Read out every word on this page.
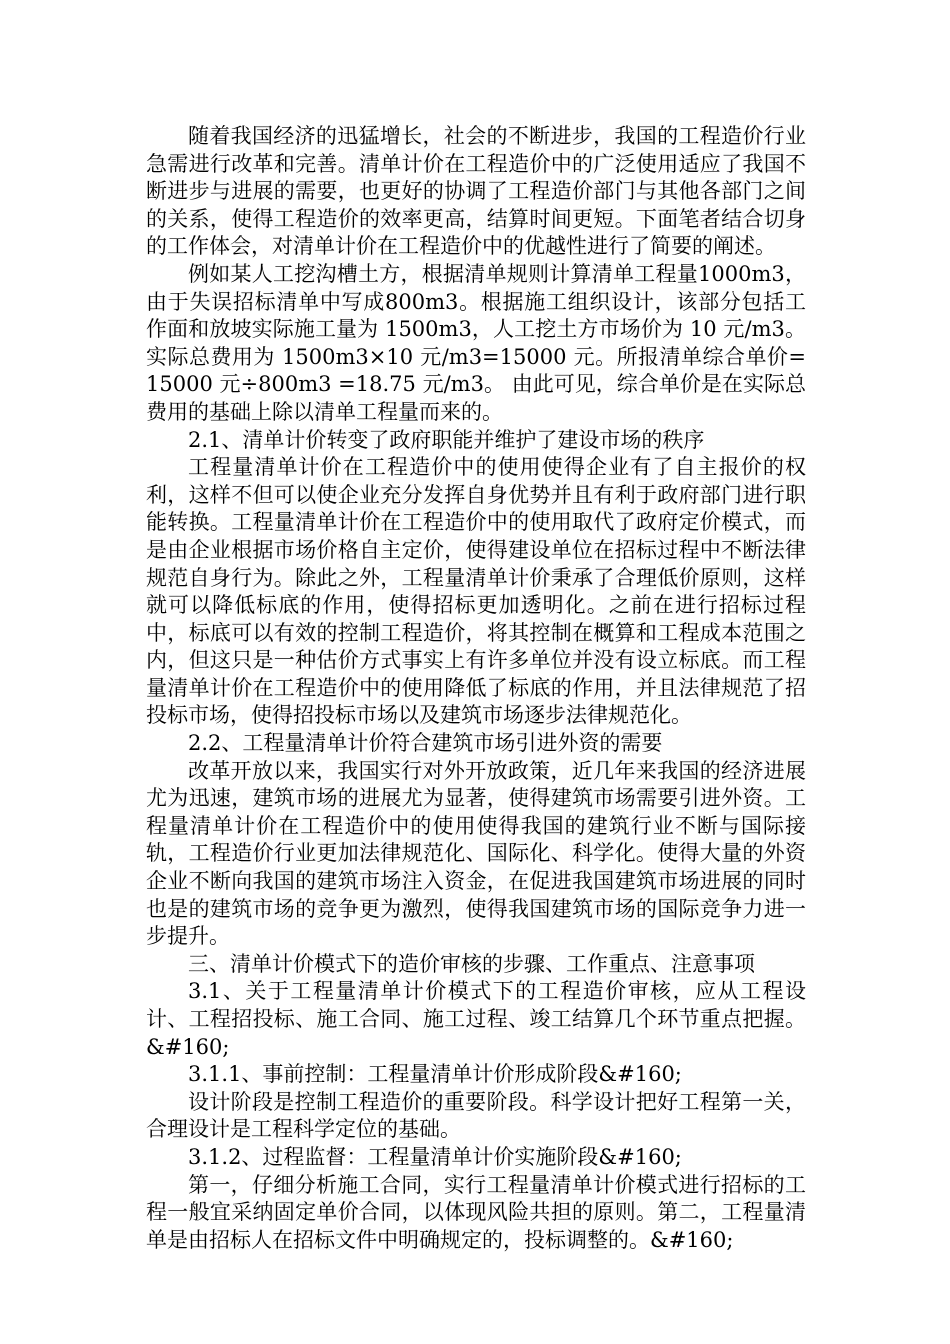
随着我国经济的迅猛增长，社会的不断进步，我国的工程造价行业急需进行改革和完善。清单计价在工程造价中的广泛使用适应了我国不断进步与进展的需要，也更好的协调了工程造价部门与其他各部门之间的关系，使得工程造价的效率更高，结算时间更短。下面笔者结合切身的工作体会，对清单计价在工程造价中的优越性进行了简要的阐述。

例如某人工挖沟槽土方，根据清单规则计算清单工程量1000m3，由于失误招标清单中写成800m3。根据施工组织设计，该部分包括工作面和放坡实际施工量为 1500m3，人工挖土方市场价为 10 元/m3。实际总费用为 1500m3×10 元/m3=15000 元。所报清单综合单价=15000 元÷800m3 =18.75 元/m3。 由此可见，综合单价是在实际总费用的基础上除以清单工程量而来的。

2.1、清单计价转变了政府职能并维护了建设市场的秩序

工程量清单计价在工程造价中的使用使得企业有了自主报价的权利，这样不但可以使企业充分发挥自身优势并且有利于政府部门进行职能转换。工程量清单计价在工程造价中的使用取代了政府定价模式，而是由企业根据市场价格自主定价，使得建设单位在招标过程中不断法律规范自身行为。除此之外，工程量清单计价秉承了合理低价原则，这样就可以降低标底的作用，使得招标更加透明化。之前在进行招标过程中，标底可以有效的控制工程造价，将其控制在概算和工程成本范围之内，但这只是一种估价方式事实上有许多单位并没有设立标底。而工程量清单计价在工程造价中的使用降低了标底的作用，并且法律规范了招投标市场，使得招投标市场以及建筑市场逐步法律规范化。

2.2、工程量清单计价符合建筑市场引进外资的需要

改革开放以来，我国实行对外开放政策，近几年来我国的经济进展尤为迅速，建筑市场的进展尤为显著，使得建筑市场需要引进外资。工程量清单计价在工程造价中的使用使得我国的建筑行业不断与国际接轨，工程造价行业更加法律规范化、国际化、科学化。使得大量的外资企业不断向我国的建筑市场注入资金，在促进我国建筑市场进展的同时也是的建筑市场的竞争更为激烈，使得我国建筑市场的国际竞争力进一步提升。

三、清单计价模式下的造价审核的步骤、工作重点、注意事项

3.1、关于工程量清单计价模式下的工程造价审核，应从工程设计、工程招投标、施工合同、施工过程、竣工结算几个环节重点把握。&#160;

3.1.1、事前控制：工程量清单计价形成阶段&#160;

设计阶段是控制工程造价的重要阶段。科学设计把好工程第一关，合理设计是工程科学定位的基础。

3.1.2、过程监督：工程量清单计价实施阶段&#160;

第一，仔细分析施工合同，实行工程量清单计价模式进行招标的工程一般宜采纳固定单价合同，以体现风险共担的原则。第二，工程量清单是由招标人在招标文件中明确规定的，投标调整的。&#160;
